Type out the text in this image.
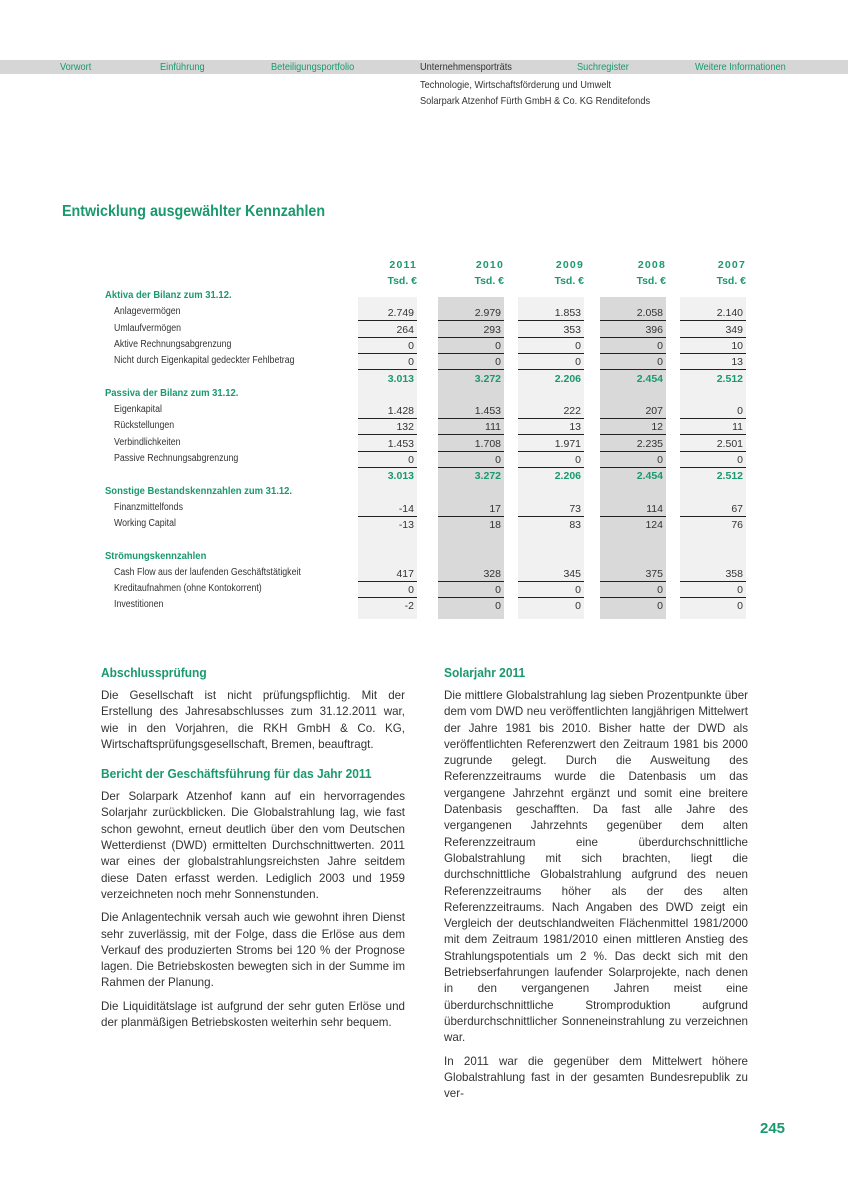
Vorwort	Einführung	Beteiligungsportfolio	Unternehmensporträts	Suchregister	Weitere Informationen
Technologie, Wirtschaftsförderung und Umwelt
Solarpark Atzenhof Fürth GmbH & Co. KG Renditefonds
Entwicklung ausgewählter Kennzahlen
2011	2010	2009	2008	2007
Tsd. €	Tsd. €	Tsd. €	Tsd. €	Tsd. €
Aktiva der Bilanz zum 31.12.
Anlagevermögen	2.749	2.979	1.853	2.058	2.140
Umlaufvermögen	264	293	353	396	349
Aktive Rechnungsabgrenzung	0	0	0	0	10
Nicht durch Eigenkapital gedeckter Fehlbetrag	0	0	0	0	13
3.013	3.272	2.206	2.454	2.512
Passiva der Bilanz zum 31.12.
Eigenkapital	1.428	1.453	222	207	0
Rückstellungen	132	111	13	12	11
Verbindlichkeiten	1.453	1.708	1.971	2.235	2.501
Passive Rechnungsabgrenzung	0	0	0	0	0
3.013	3.272	2.206	2.454	2.512
Sonstige Bestandskennzahlen zum 31.12.
Finanzmittelfonds	-14	17	73	114	67
Working Capital	-13	18	83	124	76
Strömungskennzahlen
Cash Flow aus der laufenden Geschäftstätigkeit	417	328	345	375	358
Kreditaufnahmen (ohne Kontokorrent)	0	0	0	0	0
Investitionen	-2	0	0	0	0
Abschlussprüfung

Die Gesellschaft ist nicht prüfungspflichtig. Mit der Erstellung des Jahresabschlusses zum 31.12.2011 war, wie in den Vorjahren, die RKH GmbH & Co. KG, Wirtschaftsprüfungsgesellschaft, Bremen, beauftragt.

Bericht der Geschäftsführung für das Jahr 2011

Der Solarpark Atzenhof kann auf ein hervorragendes Solarjahr zurückblicken. Die Globalstrahlung lag, wie fast schon gewohnt, erneut deutlich über den vom Deutschen Wetterdienst (DWD) ermittelten Durchschnittwerten. 2011 war eines der globalstrahlungsreichsten Jahre seitdem diese Daten erfasst werden. Lediglich 2003 und 1959 verzeichneten noch mehr Sonnenstunden.

Die Anlagentechnik versah auch wie gewohnt ihren Dienst sehr zuverlässig, mit der Folge, dass die Erlöse aus dem Verkauf des produzierten Stroms bei 120 % der Prognose lagen. Die Betriebskosten bewegten sich in der Summe im Rahmen der Planung.

Die Liquiditätslage ist aufgrund der sehr guten Erlöse und der planmäßigen Betriebskosten weiterhin sehr bequem.

Solarjahr 2011

Die mittlere Globalstrahlung lag sieben Prozentpunkte über dem vom DWD neu veröffentlichten langjährigen Mittelwert der Jahre 1981 bis 2010. Bisher hatte der DWD als veröffentlichten Referenzwert den Zeitraum 1981 bis 2000 zugrunde gelegt. Durch die Ausweitung des Referenzzeitraums wurde die Datenbasis um das vergangene Jahrzehnt ergänzt und somit eine breitere Datenbasis geschafften. Da fast alle Jahre des vergangenen Jahrzehnts gegenüber dem alten Referenzzeitraum eine überdurchschnittliche Globalstrahlung mit sich brachten, liegt die durchschnittliche Globalstrahlung aufgrund des neuen Referenzzeitraums höher als der des alten Referenzzeitraums. Nach Angaben des DWD zeigt ein Vergleich der deutschlandweiten Flächenmittel 1981/2000 mit dem Zeitraum 1981/2010 einen mittleren Anstieg des Strahlungspotentials um 2 %. Das deckt sich mit den Betriebserfahrungen laufender Solarprojekte, nach denen in den vergangenen Jahren meist eine überdurchschnittliche Stromproduktion aufgrund überdurchschnittlicher Sonneneinstrahlung zu verzeichnen war.

In 2011 war die gegenüber dem Mittelwert höhere Globalstrahlung fast in der gesamten Bundesrepublik zu ver-

245
